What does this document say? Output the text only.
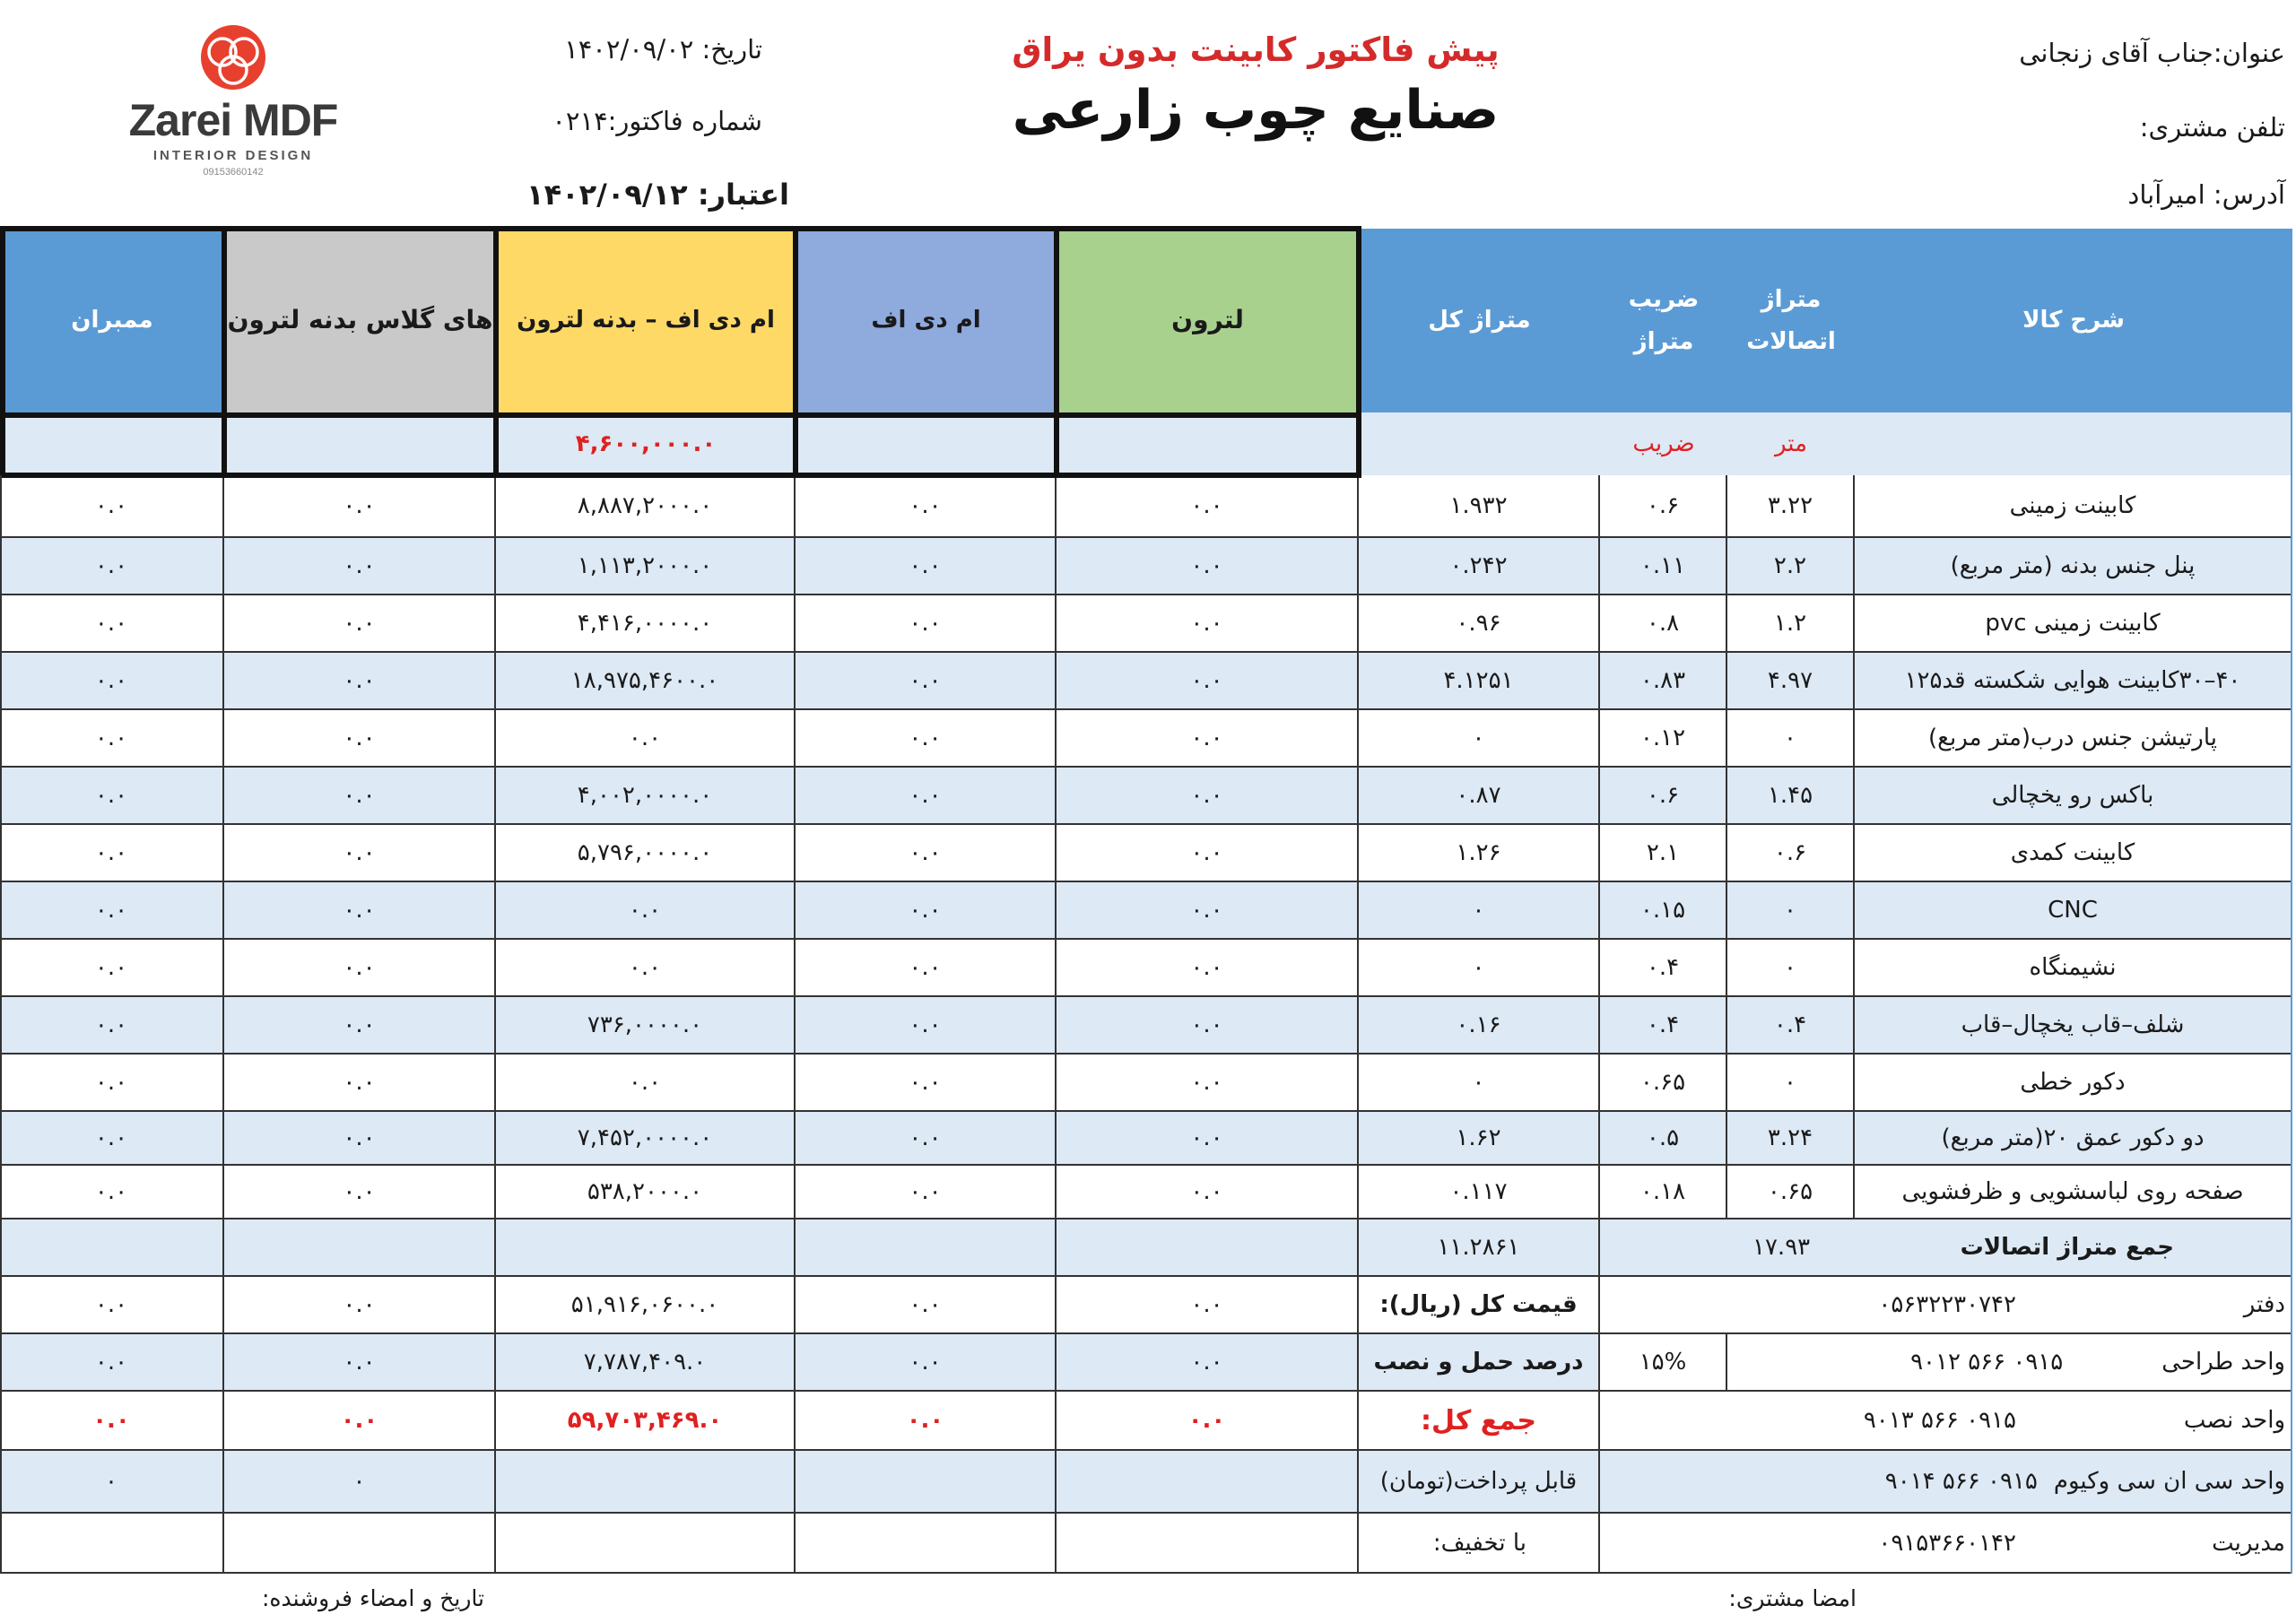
عنوان:جناب آقای زنجانی
تلفن مشتری:
آدرس: امیرآباد
پیش فاکتور کابینت بدون یراق
صنایع چوب زارعی
تاریخ: ۱۴۰۲/۰۹/۰۲
شماره فاکتور:۰۲۱۴
اعتبار: ۱۴۰۲/۰۹/۱۲
Zarei MDF
INTERIOR DESIGN
09153660142
شرح کالا
متراژ اتصالات
ضریب متراژ
متراژ کل
لترون
ام دی اف
ام دی اف – بدنه لترون
های گلاس بدنه لترون
ممبران
متر
ضریب
۴,۶۰۰,۰۰۰.۰
کابینت زمینی
۳.۲۲
۰.۶
۱.۹۳۲
۰.۰
۰.۰
۸,۸۸۷,۲۰۰۰.۰
۰.۰
۰.۰
پنل جنس بدنه (متر مربع)
۲.۲
۰.۱۱
۰.۲۴۲
۰.۰
۰.۰
۱,۱۱۳,۲۰۰۰.۰
۰.۰
۰.۰
کابینت زمینی pvc
۱.۲
۰.۸
۰.۹۶
۰.۰
۰.۰
۴,۴۱۶,۰۰۰۰.۰
۰.۰
۰.۰
۴۰–۳۰کابینت هوایی شکسته قد۱۲۵
۴.۹۷
۰.۸۳
۴.۱۲۵۱
۰.۰
۰.۰
۱۸,۹۷۵,۴۶۰۰.۰
۰.۰
۰.۰
پارتیشن جنس درب(متر مربع)
۰
۰.۱۲
۰
۰.۰
۰.۰
۰.۰
۰.۰
۰.۰
باکس رو یخچالی
۱.۴۵
۰.۶
۰.۸۷
۰.۰
۰.۰
۴,۰۰۲,۰۰۰۰.۰
۰.۰
۰.۰
کابینت کمدی
۰.۶
۲.۱
۱.۲۶
۰.۰
۰.۰
۵,۷۹۶,۰۰۰۰.۰
۰.۰
۰.۰
CNC
۰
۰.۱۵
۰
۰.۰
۰.۰
۰.۰
۰.۰
۰.۰
نشیمنگاه
۰
۰.۴
۰
۰.۰
۰.۰
۰.۰
۰.۰
۰.۰
شلف–قاب یخچال–قاب
۰.۴
۰.۴
۰.۱۶
۰.۰
۰.۰
۷۳۶,۰۰۰۰.۰
۰.۰
۰.۰
دکور خطی
۰
۰.۶۵
۰
۰.۰
۰.۰
۰.۰
۰.۰
۰.۰
دو دکور عمق ۲۰(متر مربع)
۳.۲۴
۰.۵
۱.۶۲
۰.۰
۰.۰
۷,۴۵۲,۰۰۰۰.۰
۰.۰
۰.۰
صفحه روی لباسشویی و ظرفشویی
۰.۶۵
۰.۱۸
۰.۱۱۷
۰.۰
۰.۰
۵۳۸,۲۰۰۰.۰
۰.۰
۰.۰
جمع متراژ اتصالات
۱۷.۹۳
۱۱.۲۸۶۱
قیمت کل (ریال):
۰.۰
۰.۰
۵۱,۹۱۶,۰۶۰۰.۰
۰.۰
۰.۰
درصد حمل و نصب
۰.۰
۰.۰
۷,۷۸۷,۴۰۹.۰
۰.۰
۰.۰
جمع کل:
۰.۰
۰.۰
۵۹,۷۰۳,۴۶۹.۰
۰.۰
۰.۰
قابل پرداخت(تومان)
۰
۰
با تخفیف:
دفتر
۰۵۶۳۲۲۳۰۷۴۲
۱۵%	واحد طراحی
۰۹۱۵ ۵۶۶ ۹۰۱۲
واحد نصب
۰۹۱۵ ۵۶۶ ۹۰۱۳
واحد سی ان سی وکیوم
۰۹۱۵ ۵۶۶ ۹۰۱۴
مدیریت
۰۹۱۵۳۶۶۰۱۴۲
امضا مشتری:
تاریخ و امضاء فروشنده:
